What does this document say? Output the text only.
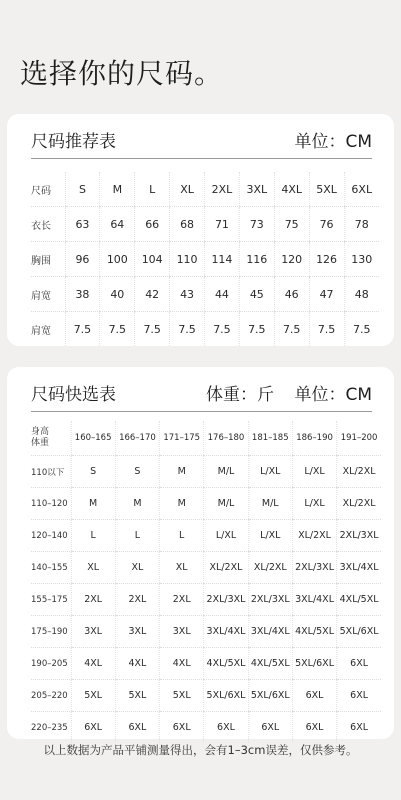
选择你的尺码。
尺码推荐表	单位：CM
尺码	S	M	L	XL	2XL	3XL	4XL	5XL	6XL
衣长	63	64	66	68	71	73	75	76	78
胸围	96	100	104	110	114	116	120	126	130
肩宽	38	40	42	43	44	45	46	47	48
肩宽	7.5	7.5	7.5	7.5	7.5	7.5	7.5	7.5	7.5
尺码快选表	体重：斤 单位：CM
身高
体重	160–165	166–170	171–175	176–180	181–185	186–190	191–200
110以下	S	S	M	M/L	L/XL	L/XL	XL/2XL
110–120	M	M	M	M/L	M/L	L/XL	XL/2XL
120–140	L	L	L	L/XL	L/XL	XL/2XL	2XL/3XL
140–155	XL	XL	XL	XL/2XL	XL/2XL	2XL/3XL	3XL/4XL
155–175	2XL	2XL	2XL	2XL/3XL	2XL/3XL	3XL/4XL	4XL/5XL
175–190	3XL	3XL	3XL	3XL/4XL	3XL/4XL	4XL/5XL	5XL/6XL
190–205	4XL	4XL	4XL	4XL/5XL	4XL/5XL	5XL/6XL	6XL
205–220	5XL	5XL	5XL	5XL/6XL	5XL/6XL	6XL	6XL
220–235	6XL	6XL	6XL	6XL	6XL	6XL	6XL
以上数据为产品平铺测量得出，会有1–3cm误差，仅供参考。
